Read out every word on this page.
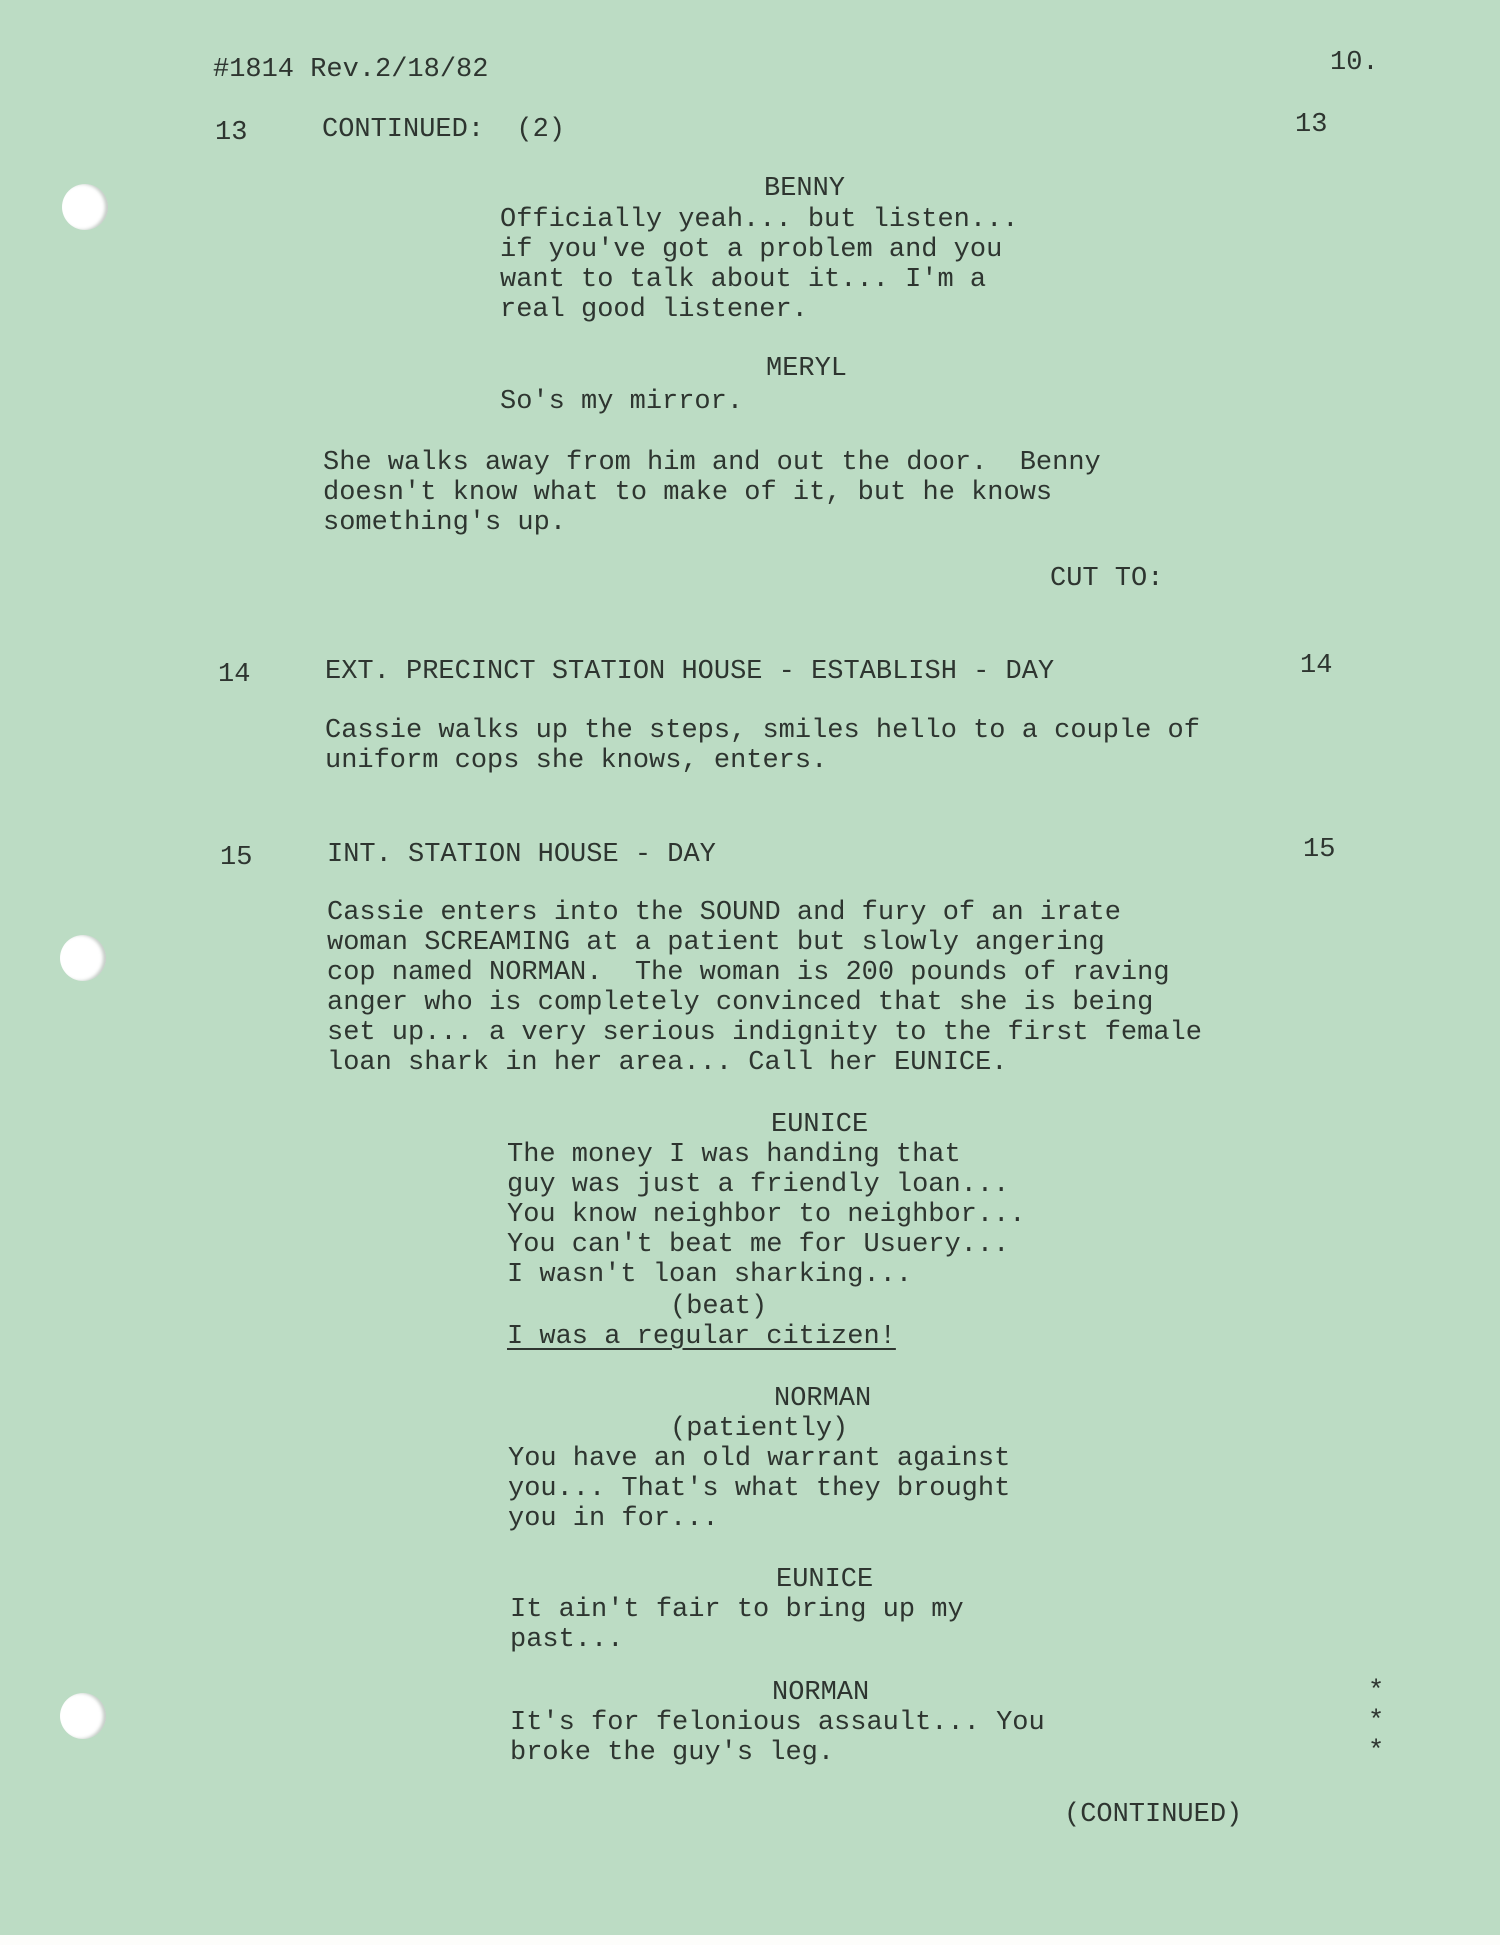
#1814 Rev.2/18/82	10.
13	CONTINUED:  (2)	13
BENNY
Officially yeah... but listen...
if you've got a problem and you
want to talk about it... I'm a
real good listener.
MERYL
So's my mirror.
She walks away from him and out the door.  Benny
doesn't know what to make of it, but he knows
something's up.
CUT TO:
14	EXT. PRECINCT STATION HOUSE - ESTABLISH - DAY	14
Cassie walks up the steps, smiles hello to a couple of
uniform cops she knows, enters.
15	INT. STATION HOUSE - DAY	15
Cassie enters into the SOUND and fury of an irate
woman SCREAMING at a patient but slowly angering
cop named NORMAN.  The woman is 200 pounds of raving
anger who is completely convinced that she is being
set up... a very serious indignity to the first female
loan shark in her area... Call her EUNICE.
EUNICE
The money I was handing that
guy was just a friendly loan...
You know neighbor to neighbor...
You can't beat me for Usuery...
I wasn't loan sharking...
(beat)
I was a regular citizen!
NORMAN
(patiently)
You have an old warrant against
you... That's what they brought
you in for...
EUNICE
It ain't fair to bring up my
past...
NORMAN
It's for felonious assault... You
broke the guy's leg.
*
*
*
(CONTINUED)
